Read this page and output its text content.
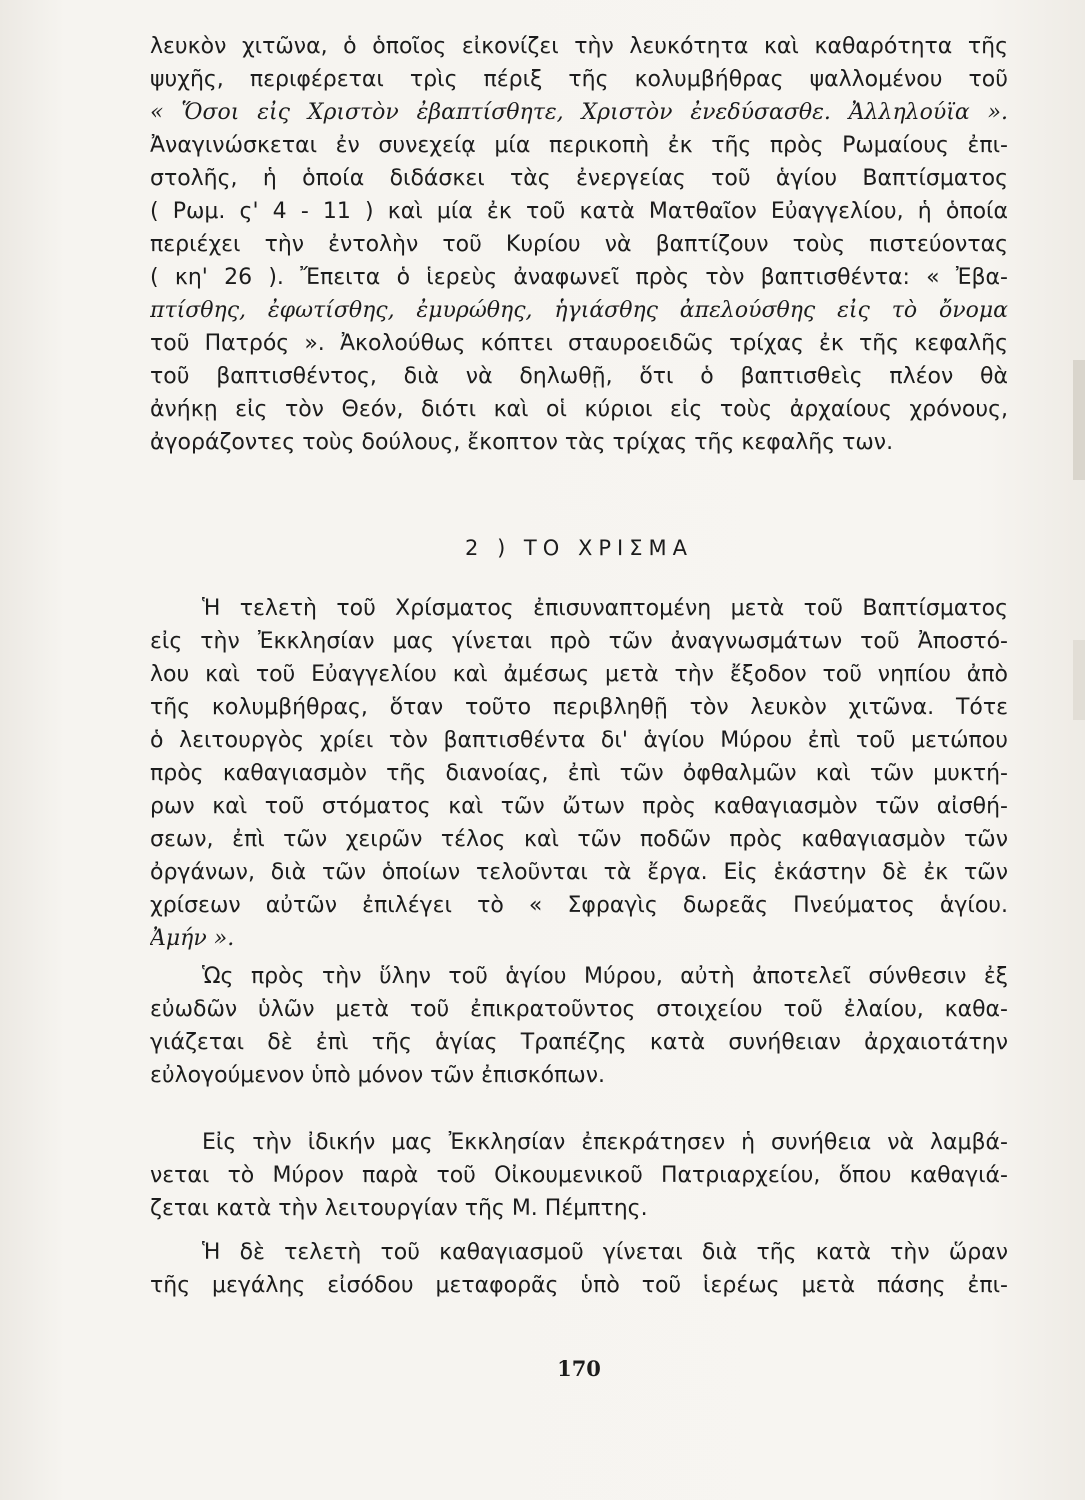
λευκὸν χιτῶνα, ὁ ὁποῖος εἰκονίζει τὴν λευκότητα καὶ καθαρότητα τῆς
ψυχῆς, περιφέρεται τρὶς πέριξ τῆς κολυμβήθρας ψαλλομένου τοῦ
« Ὅσοι εἰς Χριστὸν ἐβαπτίσθητε, Χριστὸν ἐνεδύσασθε. Ἀλληλούϊα ».
Ἀναγινώσκεται ἐν συνεχείᾳ μία περικοπὴ ἐκ τῆς πρὸς Ρωμαίους ἐπι-
στολῆς, ἡ ὁποία διδάσκει τὰς ἐνεργείας τοῦ ἁγίου Βαπτίσματος
( Ρωμ. ς' 4 - 11 ) καὶ μία ἐκ τοῦ κατὰ Ματθαῖον Εὐαγγελίου, ἡ ὁποία
περιέχει τὴν ἐντολὴν τοῦ Κυρίου νὰ βαπτίζουν τοὺς πιστεύοντας
( κη' 26 ). Ἔπειτα ὁ ἱερεὺς ἀναφωνεῖ πρὸς τὸν βαπτισθέντα: « Ἐβα-
πτίσθης, ἐφωτίσθης, ἐμυρώθης, ἡγιάσθης ἀπελούσθης εἰς τὸ ὄνομα
τοῦ Πατρός ». Ἀκολούθως κόπτει σταυροειδῶς τρίχας ἐκ τῆς κεφαλῆς
τοῦ βαπτισθέντος, διὰ νὰ δηλωθῇ, ὅτι ὁ βαπτισθεὶς πλέον θὰ
ἀνήκῃ εἰς τὸν Θεόν, διότι καὶ οἱ κύριοι εἰς τοὺς ἀρχαίους χρόνους,
ἀγοράζοντες τοὺς δούλους, ἔκοπτον τὰς τρίχας τῆς κεφαλῆς των.
2 ) ΤΟ ΧΡΙΣΜΑ
Ἡ τελετὴ τοῦ Χρίσματος ἐπισυναπτομένη μετὰ τοῦ Βαπτίσματος
εἰς τὴν Ἐκκλησίαν μας γίνεται πρὸ τῶν ἀναγνωσμάτων τοῦ Ἀποστό-
λου καὶ τοῦ Εὐαγγελίου καὶ ἀμέσως μετὰ τὴν ἔξοδον τοῦ νηπίου ἀπὸ
τῆς κολυμβήθρας, ὅταν τοῦτο περιβληθῇ τὸν λευκὸν χιτῶνα. Τότε
ὁ λειτουργὸς χρίει τὸν βαπτισθέντα δι' ἁγίου Μύρου ἐπὶ τοῦ μετώπου
πρὸς καθαγιασμὸν τῆς διανοίας, ἐπὶ τῶν ὀφθαλμῶν καὶ τῶν μυκτή-
ρων καὶ τοῦ στόματος καὶ τῶν ὤτων πρὸς καθαγιασμὸν τῶν αἰσθή-
σεων, ἐπὶ τῶν χειρῶν τέλος καὶ τῶν ποδῶν πρὸς καθαγιασμὸν τῶν
ὀργάνων, διὰ τῶν ὁποίων τελοῦνται τὰ ἔργα. Εἰς ἑκάστην δὲ ἐκ τῶν
χρίσεων αὐτῶν ἐπιλέγει τὸ « Σφραγὶς δωρεᾶς Πνεύματος ἁγίου.
Ἀμήν ».
Ὡς πρὸς τὴν ὕλην τοῦ ἁγίου Μύρου, αὐτὴ ἀποτελεῖ σύνθεσιν ἐξ
εὐωδῶν ὑλῶν μετὰ τοῦ ἐπικρατοῦντος στοιχείου τοῦ ἐλαίου, καθα-
γιάζεται δὲ ἐπὶ τῆς ἁγίας Τραπέζης κατὰ συνήθειαν ἀρχαιοτάτην
εὐλογούμενον ὑπὸ μόνον τῶν ἐπισκόπων.
Εἰς τὴν ἰδικήν μας Ἐκκλησίαν ἐπεκράτησεν ἡ συνήθεια νὰ λαμβά-
νεται τὸ Μύρον παρὰ τοῦ Οἰκουμενικοῦ Πατριαρχείου, ὅπου καθαγιά-
ζεται κατὰ τὴν λειτουργίαν τῆς Μ. Πέμπτης.
Ἡ δὲ τελετὴ τοῦ καθαγιασμοῦ γίνεται διὰ τῆς κατὰ τὴν ὥραν
τῆς μεγάλης εἰσόδου μεταφορᾶς ὑπὸ τοῦ ἱερέως μετὰ πάσης ἐπι-
170
